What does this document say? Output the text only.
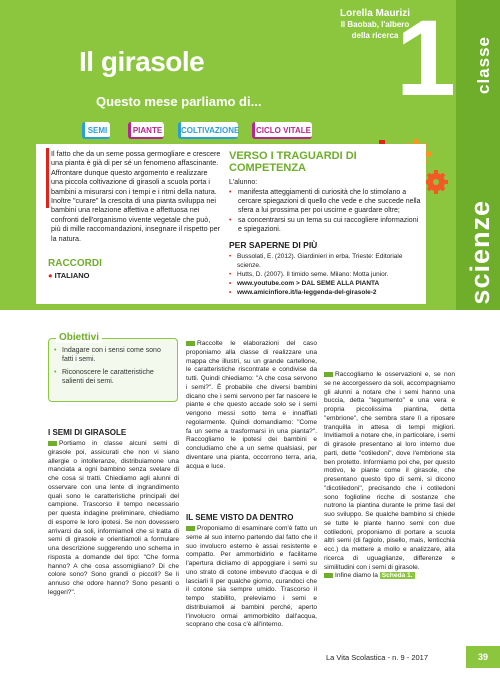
1 classe
scienze
Lorella Maurizi
Il Baobab, l'albero
della ricerca
Il girasole
Questo mese parliamo di...
SEMI	PIANTE	COLTIVAZIONE	CICLO VITALE

Il fatto che da un seme possa germogliare e crescere una pianta è già di per sé un fenomeno affascinante. Affrontare dunque questo argomento e realizzare una piccola coltivazione di girasoli a scuola porta i bambini a misurarsi con i tempi e i ritmi della natura. Inoltre "curare" la crescita di una pianta sviluppa nei bambini una relazione affettiva e affettuosa nei confronti dell'organismo vivente vegetale che può, più di mille raccomandazioni, insegnare il rispetto per la natura.

RACCORDI
● ITALIANO
VERSO I TRAGUARDI DI COMPETENZA
L'alunno:
• manifesta atteggiamenti di curiosità che lo stimolano a cercare spiegazioni di quello che vede e che succede nella sfera a lui prossima per poi uscirne e guardare oltre;
• sa concentrarsi su un tema su cui raccogliere informazioni e spiegazioni.
PER SAPERNE DI PIÙ
• Bussolati, E. (2012). Giardinieri in erba. Trieste: Editoriale scienze.
• Hutts, D. (2007). Il timido seme. Milano: Motta junior.
• www.youtube.com > DAL SEME ALLA PIANTA
• www.amicinfiore.it/la-leggenda-del-girasole-2
Obiettivi
• Indagare con i sensi come sono fatti i semi.
• Riconoscere le caratteristiche salienti dei semi.
I SEMI DI GIRASOLE

Portiamo in classe alcuni semi di girasole poi, assicurati che non vi siano allergie o intolleranze, distribuiamone una manciata a ogni bambino senza svelare di che cosa si tratti. Chiediamo agli alunni di osservare con una lente di ingrandimento quali sono le caratteristiche principali del campione. Trascorso il tempo necessario per questa indagine preliminare, chiediamo di esporre le loro ipotesi. Se non dovessero arrivarci da soli, informiamoli che si tratta di semi di girasole e orientiamoli a formulare una descrizione suggerendo uno schema in risposta a domande del tipo: "Che forma hanno? A che cosa assomigliano? Di che colore sono? Sono grandi o piccoli? Se li annuso che odore hanno? Sono pesanti o leggeri?".

Raccolte le elaborazioni del caso proponiamo alla classe di realizzare una mappa che illustri, su un grande cartellone, le caratteristiche riscontrate e condivise da tutti. Quindi chiediamo: "A che cosa servono i semi?". È probabile che diversi bambini dicano che i semi servono per far nascere le piante e che questo accade solo se i semi vengono messi sotto terra e innaffiati regolarmente. Quindi domandiamo: "Come fa un seme a trasformarsi in una pianta?". Raccogliamo le ipotesi dei bambini e concludiamo che a un seme qualsiasi, per diventare una pianta, occorrono terra, aria, acqua e luce.

IL SEME VISTO DA DENTRO

Proponiamo di esaminare com'è fatto un seme al suo interno partendo dal fatto che il suo involucro esterno è assai resistente e compatto. Per ammorbidirlo e facilitarne l'apertura dicliamo di appoggiare i semi su uno strato di cotone imbevuto d'acqua e di lasciarli lì per qualche giorno, curandoci che il cotone sia sempre umido. Trascorso il tempo stabilito, preleviamo i semi e distribuiamoli ai bambini perché, aperto l'involucro ormai ammorbidito dall'acqua, scoprano che cosa c'è all'interno.

Raccogliamo le osservazioni e, se non se ne accorgessero da soli, accompagniamo gli alunni a notare che i semi hanno una buccia, detta "tegumento" e una vera e propria piccolissima piantina, detta "embrione", che sembra stare lì a riposare tranquilla in attesa di tempi migliori. Invitiamoli a notare che, in particolare, i semi di girasole presentano al loro interno due parti, dette "cotiledoni", dove l'embrione sta ben protetto. Informiamo poi che, per questo motivo, le piante come il girasole, che presentano questo tipo di semi, si dicono "dicotiledoni", precisando che i cotiledoni sono foglioline ricche di sostanze che nutrono la piantina durante le prime fasi del suo sviluppo. Se qualche bambino si chiede se tutte le piante hanno semi con due cotiledoni, proponiamo di portare a scuola altri semi (di fagiolo, pisello, mais, lenticchia ecc.) da mettere a mollo e analizzare, alla ricerca di uguaglianze, differenze e similitudini con i semi di girasole.

Infine diamo la Scheda 1.

La Vita Scolastica - n. 9 - 2017	39
